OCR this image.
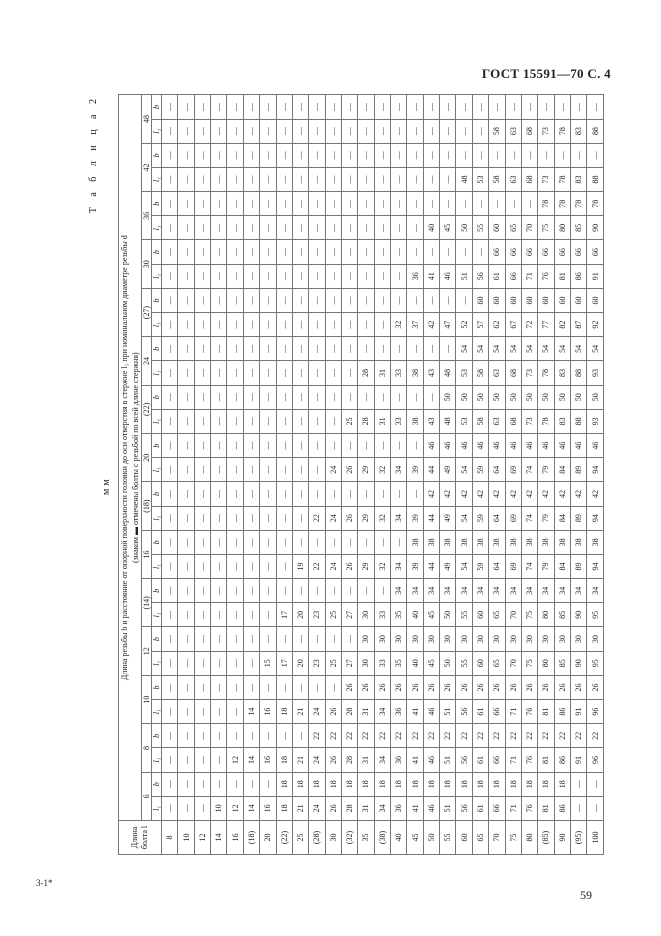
ГОСТ 15591—70 С. 4
Т а б л и ц а 2
мм
Длина болта l	Длина резьбы b и расстояние от опорной поверхности головки до оси отверстия в стержне l₁ при номинальном диаметре резьбы d (знаком ▬ отмечены болты с резьбой по всей длине стержня)																													

	6		8		10		12		(14)		16		(18)		20		(22)		24		(27)		30		36		42		48	
	l₁	b	l₁	b	l₁	b	l₁	b	l₁	b	l₁	b	l₁	b	l₁	b	l₁	b	l₁	b	l₁	b	l₁	b	l₁	b	l₁	b	l₁	b
8	—	—	—	—	—	—	—	—	—	—	—	—	—	—	—	—	—	—	—	—	—	—	—	—	—	—	—	—	—	—
10	—	—	—	—	—	—	—	—	—	—	—	—	—	—	—	—	—	—	—	—	—	—	—	—	—	—	—	—	—	—
12	—	—	—	—	—	—	—	—	—	—	—	—	—	—	—	—	—	—	—	—	—	—	—	—	—	—	—	—	—	—
14	10	—	—	—	—	—	—	—	—	—	—	—	—	—	—	—	—	—	—	—	—	—	—	—	—	—	—	—	—	—
16	12	—	12	—	—	—	—	—	—	—	—	—	—	—	—	—	—	—	—	—	—	—	—	—	—	—	—	—	—	—
(18)	14	—	14	—	14	—	—	—	—	—	—	—	—	—	—	—	—	—	—	—	—	—	—	—	—	—	—	—	—	—
20	16	—	16	—	16	—	15	—	—	—	—	—	—	—	—	—	—	—	—	—	—	—	—	—	—	—	—	—	—	—
(22)	18	18	18	—	18	—	17	—	17	—	—	—	—	—	—	—	—	—	—	—	—	—	—	—	—	—	—	—	—	—
25	21	18	21	—	21	—	20	—	20	—	19	—	—	—	—	—	—	—	—	—	—	—	—	—	—	—	—	—	—	—
(28)	24	18	24	22	24	—	23	—	23	—	22	—	22	—	—	—	—	—	—	—	—	—	—	—	—	—	—	—	—	—
30	26	18	26	22	26	—	25	—	25	—	24	—	24	—	24	—	—	—	—	—	—	—	—	—	—	—	—	—	—	—
(32)	28	18	28	22	28	26	27	—	27	—	26	—	26	—	26	—	25	—	—	—	—	—	—	—	—	—	—	—	—	—
35	31	18	31	22	31	26	30	30	30	—	29	—	29	—	29	—	28	—	28	—	—	—	—	—	—	—	—	—	—	—
(38)	34	18	34	22	34	26	33	30	33	—	32	—	32	—	32	—	31	—	31	—	—	—	—	—	—	—	—	—	—	—
40	36	18	36	22	36	26	35	30	35	34	34	—	34	—	34	—	33	—	33	—	32	—	—	—	—	—	—	—	—	—
45	41	18	41	22	41	26	40	30	40	34	39	38	39	—	39	—	38	—	38	—	37	—	36	—	—	—	—	—	—	—
50	46	18	46	22	46	26	45	30	45	34	44	38	44	42	44	46	43	—	43	—	42	—	41	—	40	—	—	—	—	—
55	51	18	51	22	51	26	50	30	50	34	49	38	49	42	49	46	48	50	48	—	47	—	46	—	45	—	—	—	—	—
60	56	18	56	22	56	26	55	30	55	34	54	38	54	42	54	46	53	50	53	54	52	—	51	—	50	—	48	—	—	—
65	61	18	61	22	61	26	60	30	60	34	59	38	59	42	59	46	58	50	58	54	57	60	56	—	55	—	53	—	—	—
70	66	18	66	22	66	26	65	30	65	34	64	38	64	42	64	46	63	50	63	54	62	60	61	66	60	—	58	—	58	—
75	71	18	71	22	71	26	70	30	70	34	69	38	69	42	69	46	68	50	68	54	67	60	66	66	65	—	63	—	63	—
80	76	18	76	22	76	26	75	30	75	34	74	38	74	42	74	46	73	50	73	54	72	60	71	66	70	—	68	—	68	—
(85)	81	18	81	22	81	26	80	30	80	34	79	38	79	42	79	46	78	50	78	54	77	60	76	66	75	78	73	—	73	—
90	86	18	86	22	86	26	85	30	85	34	84	38	84	42	84	46	83	50	83	54	82	60	81	66	80	78	78	—	78	—
(95)	—	—	91	22	91	26	90	30	90	34	89	38	89	42	89	46	88	50	88	54	87	60	86	66	85	78	83	—	83	—
100	—	—	96	22	96	26	95	30	95	34	94	38	94	42	94	46	93	50	93	54	92	60	91	66	90	78	88	—	88	—
3-1*
59
